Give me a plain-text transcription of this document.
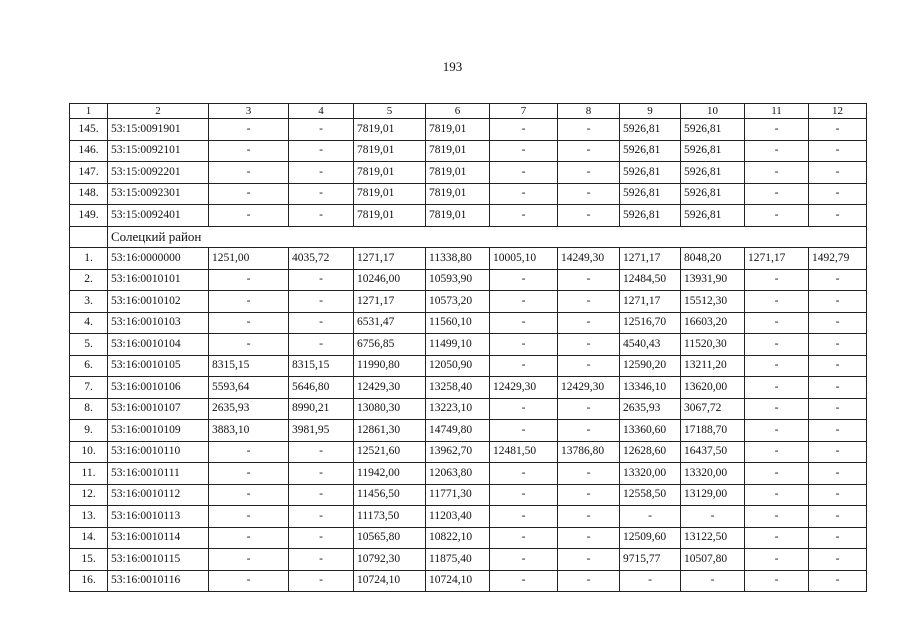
193
1	2	3	4	5	6	7	8	9	10	11	12
145.	53:15:0091901	-	-	7819,01	7819,01	-	-	5926,81	5926,81	-	-
146.	53:15:0092101	-	-	7819,01	7819,01	-	-	5926,81	5926,81	-	-
147.	53:15:0092201	-	-	7819,01	7819,01	-	-	5926,81	5926,81	-	-
148.	53:15:0092301	-	-	7819,01	7819,01	-	-	5926,81	5926,81	-	-
149.	53:15:0092401	-	-	7819,01	7819,01	-	-	5926,81	5926,81	-	-
	Солецкий район										
1.	53:16:0000000	1251,00	4035,72	1271,17	11338,80	10005,10	14249,30	1271,17	8048,20	1271,17	1492,79
2.	53:16:0010101	-	-	10246,00	10593,90	-	-	12484,50	13931,90	-	-
3.	53:16:0010102	-	-	1271,17	10573,20	-	-	1271,17	15512,30	-	-
4.	53:16:0010103	-	-	6531,47	11560,10	-	-	12516,70	16603,20	-	-
5.	53:16:0010104	-	-	6756,85	11499,10	-	-	4540,43	11520,30	-	-
6.	53:16:0010105	8315,15	8315,15	11990,80	12050,90	-	-	12590,20	13211,20	-	-
7.	53:16:0010106	5593,64	5646,80	12429,30	13258,40	12429,30	12429,30	13346,10	13620,00	-	-
8.	53:16:0010107	2635,93	8990,21	13080,30	13223,10	-	-	2635,93	3067,72	-	-
9.	53:16:0010109	3883,10	3981,95	12861,30	14749,80	-	-	13360,60	17188,70	-	-
10.	53:16:0010110	-	-	12521,60	13962,70	12481,50	13786,80	12628,60	16437,50	-	-
11.	53:16:0010111	-	-	11942,00	12063,80	-	-	13320,00	13320,00	-	-
12.	53:16:0010112	-	-	11456,50	11771,30	-	-	12558,50	13129,00	-	-
13.	53:16:0010113	-	-	11173,50	11203,40	-	-	-	-	-	-
14.	53:16:0010114	-	-	10565,80	10822,10	-	-	12509,60	13122,50	-	-
15.	53:16:0010115	-	-	10792,30	11875,40	-	-	9715,77	10507,80	-	-
16.	53:16:0010116	-	-	10724,10	10724,10	-	-	-	-	-	-
